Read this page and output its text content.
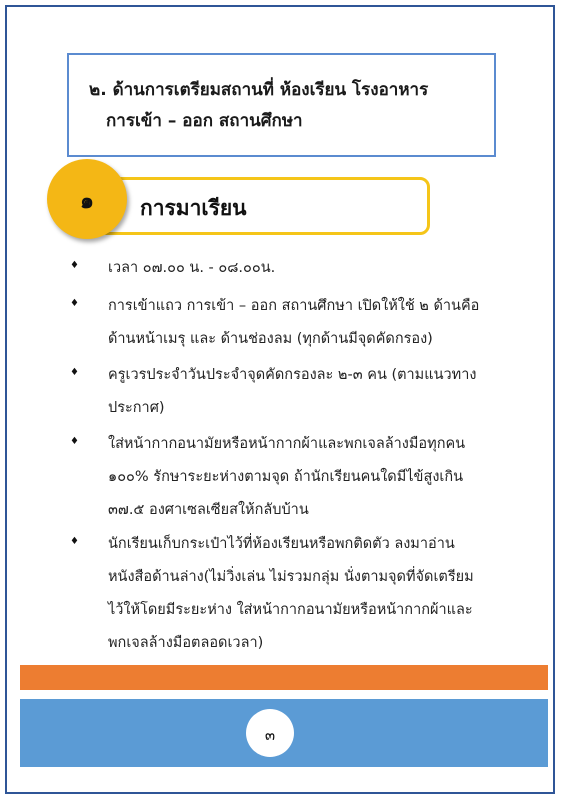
๒. ด้านการเตรียมสถานที่ ห้องเรียน โรงอาหาร
การเข้า – ออก สถานศึกษา
การมาเรียน
๑
♦ เวลา ๐๗.๐๐ น. - ๐๘.๐๐น.
♦ การเข้าแถว การเข้า – ออก สถานศึกษา เปิดให้ใช้ ๒ ด้านคือ
ด้านหน้าเมรุ และ ด้านช่องลม (ทุกด้านมีจุดคัดกรอง)
♦ ครูเวรประจำวันประจำจุดคัดกรองละ ๒-๓ คน (ตามแนวทาง
ประกาศ)
♦ ใส่หน้ากากอนามัยหรือหน้ากากผ้าและพกเจลล้างมือทุกคน
๑๐๐% รักษาระยะห่างตามจุด ถ้านักเรียนคนใดมีไข้สูงเกิน
๓๗.๕ องศาเซลเซียสให้กลับบ้าน
♦ นักเรียนเก็บกระเป๋าไว้ที่ห้องเรียนหรือพกติดตัว ลงมาอ่าน
หนังสือด้านล่าง(ไม่วิ่งเล่น ไม่รวมกลุ่ม นั่งตามจุดที่จัดเตรียม
ไว้ให้โดยมีระยะห่าง ใส่หน้ากากอนามัยหรือหน้ากากผ้าและ
พกเจลล้างมือตลอดเวลา)
๓
